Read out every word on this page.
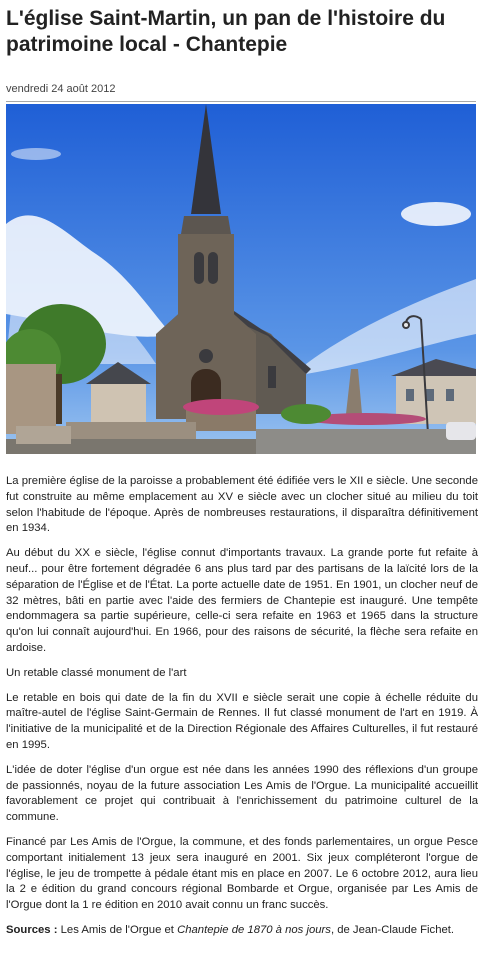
L'église Saint-Martin, un pan de l'histoire du patrimoine local - Chantepie
vendredi 24 août 2012

La première église de la paroisse a probablement été édifiée vers le XII e siècle. Une seconde fut construite au même emplacement au XV e siècle avec un clocher situé au milieu du toit selon l'habitude de l'époque. Après de nombreuses restaurations, il disparaîtra définitivement en 1934.

Au début du XX e siècle, l'église connut d'importants travaux. La grande porte fut refaite à neuf... pour être fortement dégradée 6 ans plus tard par des partisans de la laïcité lors de la séparation de l'Église et de l'État. La porte actuelle date de 1951. En 1901, un clocher neuf de 32 mètres, bâti en partie avec l'aide des fermiers de Chantepie est inauguré. Une tempête endommagera sa partie supérieure, celle-ci sera refaite en 1963 et 1965 dans la structure qu'on lui connaît aujourd'hui. En 1966, pour des raisons de sécurité, la flèche sera refaite en ardoise.

Un retable classé monument de l'art

Le retable en bois qui date de la fin du XVII e siècle serait une copie à échelle réduite du maître-autel de l'église Saint-Germain de Rennes. Il fut classé monument de l'art en 1919. À l'initiative de la municipalité et de la Direction Régionale des Affaires Culturelles, il fut restauré en 1995.

L'idée de doter l'église d'un orgue est née dans les années 1990 des réflexions d'un groupe de passionnés, noyau de la future association Les Amis de l'Orgue. La municipalité accueillit favorablement ce projet qui contribuait à l'enrichissement du patrimoine culturel de la commune.

Financé par Les Amis de l'Orgue, la commune, et des fonds parlementaires, un orgue Pesce comportant initialement 13 jeux sera inauguré en 2001. Six jeux compléteront l'orgue de l'église, le jeu de trompette à pédale étant mis en place en 2007. Le 6 octobre 2012, aura lieu la 2 e édition du grand concours régional Bombarde et Orgue, organisée par Les Amis de l'Orgue dont la 1 re édition en 2010 avait connu un franc succès.

Sources : Les Amis de l'Orgue et Chantepie de 1870 à nos jours, de Jean-Claude Fichet.
